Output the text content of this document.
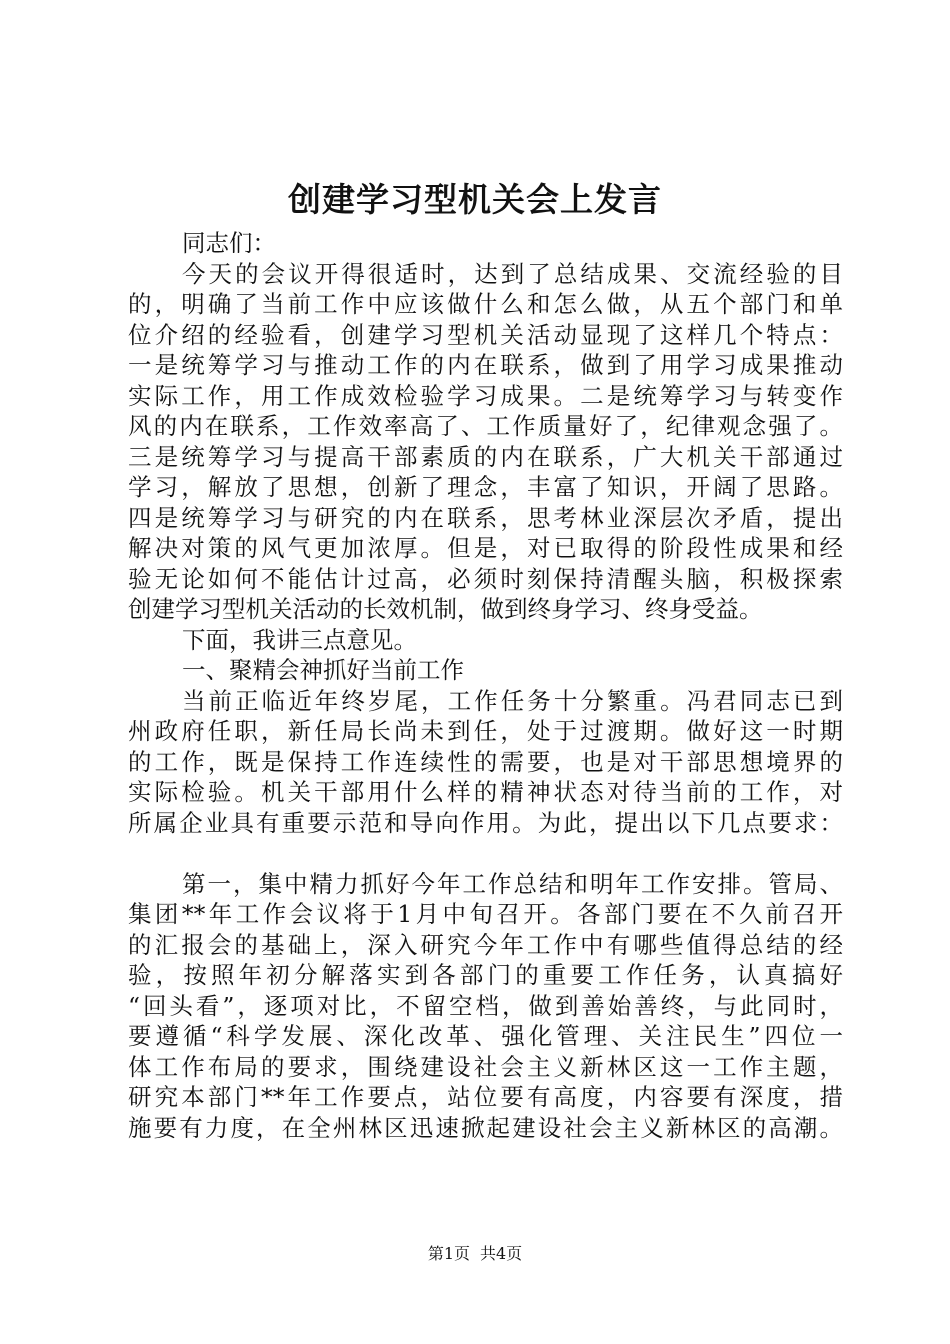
创建学习型机关会上发言
同志们：
今天的会议开得很适时，达到了总结成果、交流经验的目
的，明确了当前工作中应该做什么和怎么做，从五个部门和单
位介绍的经验看，创建学习型机关活动显现了这样几个特点：
一是统筹学习与推动工作的内在联系，做到了用学习成果推动
实际工作，用工作成效检验学习成果。二是统筹学习与转变作
风的内在联系，工作效率高了、工作质量好了，纪律观念强了。
三是统筹学习与提高干部素质的内在联系，广大机关干部通过
学习，解放了思想，创新了理念，丰富了知识，开阔了思路。
四是统筹学习与研究的内在联系，思考林业深层次矛盾，提出
解决对策的风气更加浓厚。但是，对已取得的阶段性成果和经
验无论如何不能估计过高，必须时刻保持清醒头脑，积极探索
创建学习型机关活动的长效机制，做到终身学习、终身受益。
下面，我讲三点意见。
一、聚精会神抓好当前工作
当前正临近年终岁尾，工作任务十分繁重。冯君同志已到
州政府任职，新任局长尚未到任，处于过渡期。做好这一时期
的工作，既是保持工作连续性的需要，也是对干部思想境界的
实际检验。机关干部用什么样的精神状态对待当前的工作，对
所属企业具有重要示范和导向作用。为此，提出以下几点要求：
第一，集中精力抓好今年工作总结和明年工作安排。管局、
集团**年工作会议将于1月中旬召开。各部门要在不久前召开
的汇报会的基础上，深入研究今年工作中有哪些值得总结的经
验，按照年初分解落实到各部门的重要工作任务，认真搞好
“回头看”，逐项对比，不留空档，做到善始善终，与此同时，
要遵循“科学发展、深化改革、强化管理、关注民生”四位一
体工作布局的要求，围绕建设社会主义新林区这一工作主题，
研究本部门**年工作要点，站位要有高度，内容要有深度，措
施要有力度，在全州林区迅速掀起建设社会主义新林区的高潮。
第1页 共4页
